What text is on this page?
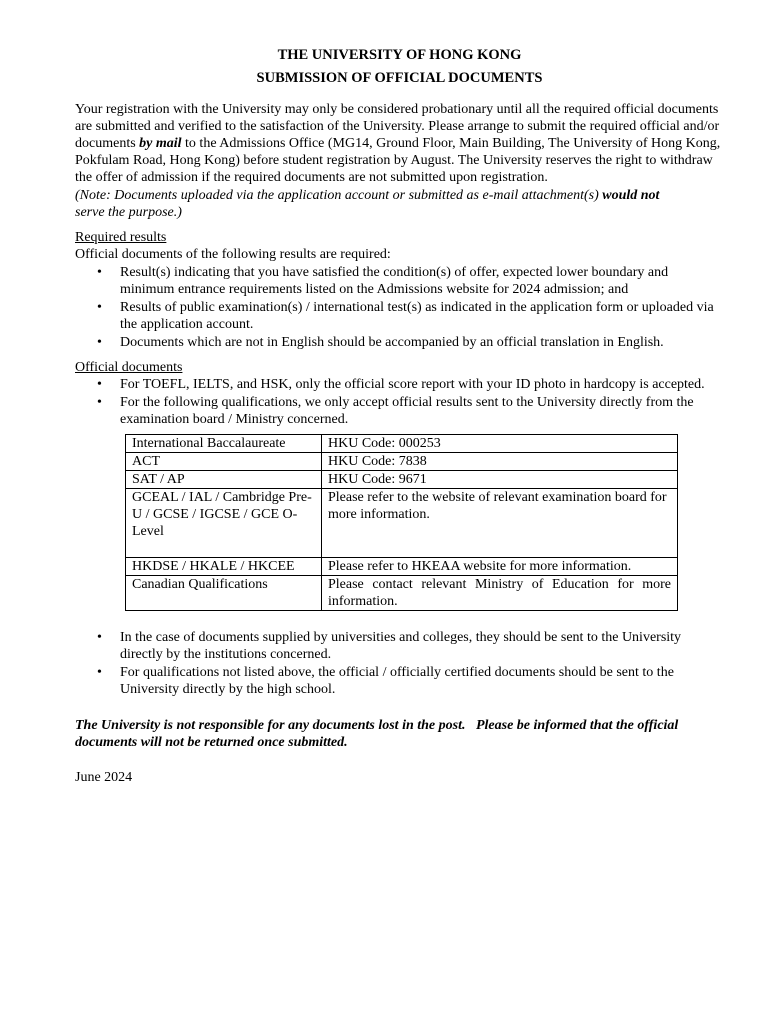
THE UNIVERSITY OF HONG KONG

SUBMISSION OF OFFICIAL DOCUMENTS

Your registration with the University may only be considered probationary until all the required official documents are submitted and verified to the satisfaction of the University. Please arrange to submit the required official and/or documents by mail to the Admissions Office (MG14, Ground Floor, Main Building, The University of Hong Kong, Pokfulam Road, Hong Kong) before student registration by August. The University reserves the right to withdraw the offer of admission if the required documents are not submitted upon registration.

(Note: Documents uploaded via the application account or submitted as e-mail attachment(s) would not
serve the purpose.)

Required results

Official documents of the following results are required:

• Result(s) indicating that you have satisfied the condition(s) of offer, expected lower boundary and minimum entrance requirements listed on the Admissions website for 2024 admission; and
• Results of public examination(s) / international test(s) as indicated in the application form or uploaded via the application account.
• Documents which are not in English should be accompanied by an official translation in English.

Official documents

• For TOEFL, IELTS, and HSK, only the official score report with your ID photo in hardcopy is accepted.
• For the following qualifications, we only accept official results sent to the University directly from the examination board / Ministry concerned.
International Baccalaureate	HKU Code: 000253
ACT	HKU Code: 7838
SAT / AP	HKU Code: 9671
GCEAL / IAL / Cambridge Pre-U / GCSE / IGCSE / GCE O-Level	Please refer to the website of relevant examination board for more information.
HKDSE / HKALE / HKCEE	Please refer to HKEAA website for more information.
Canadian Qualifications	Please contact relevant Ministry of Education for more information.
• In the case of documents supplied by universities and colleges, they should be sent to the University directly by the institutions concerned.
• For qualifications not listed above, the official / officially certified documents should be sent to the University directly by the high school.

The University is not responsible for any documents lost in the post.   Please be informed that the official documents will not be returned once submitted.

June 2024
